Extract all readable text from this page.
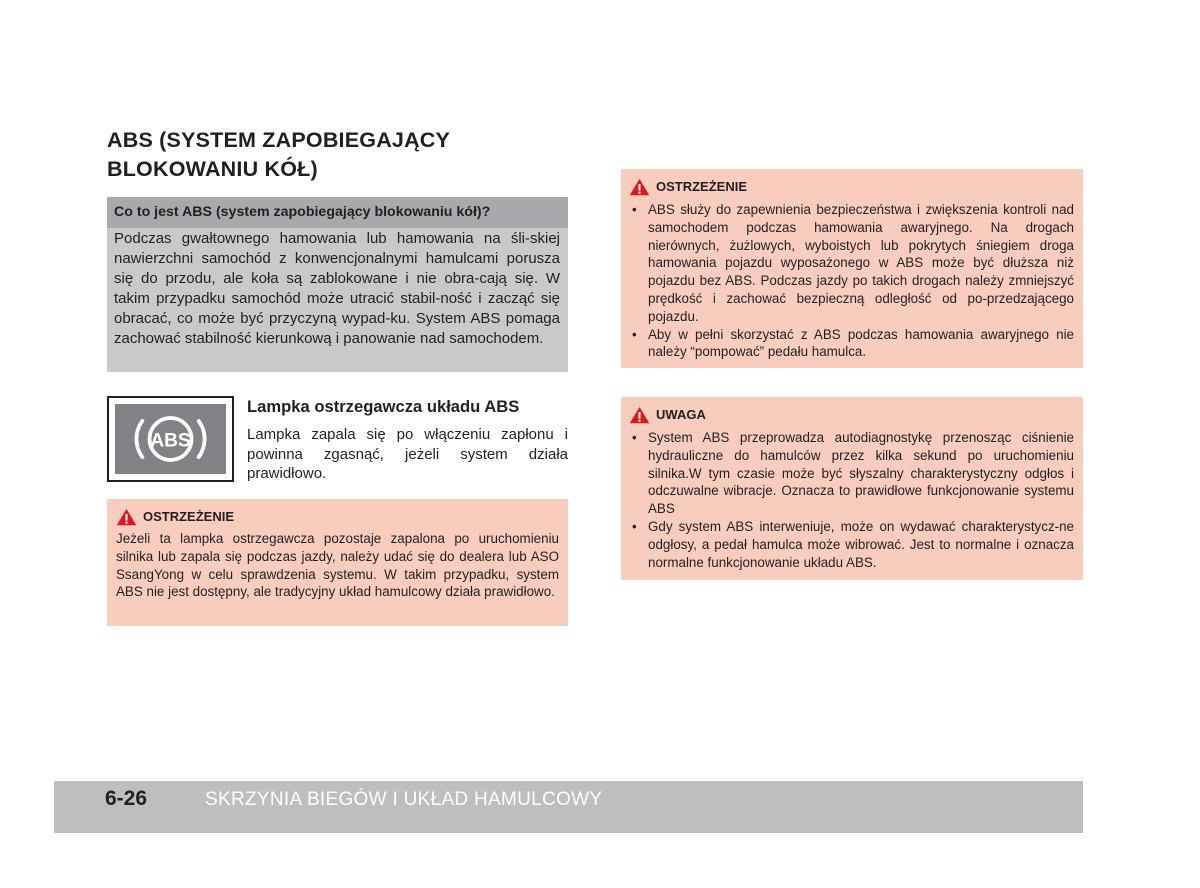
ABS (SYSTEM ZAPOBIEGAJĄCY BLOKOWANIU KÓŁ)
Co to jest ABS (system zapobiegający blokowaniu kół)?

Podczas gwałtownego hamowania lub hamowania na śli-skiej nawierzchni samochód z konwencjonalnymi hamulcami porusza się do przodu, ale koła są zablokowane i nie obra-cają się. W takim przypadku samochód może utracić stabil-ność i zacząć się obracać, co może być przyczyną wypad-ku. System ABS pomaga zachować stabilność kierunkową i panowanie nad samochodem.

ABS
Lampka ostrzegawcza układu ABS

Lampka zapala się po włączeniu zapłonu i powinna zgasnąć, jeżeli system działa prawidłowo.

OSTRZEŻENIE

Jeżeli ta lampka ostrzegawcza pozostaje zapalona po uruchomieniu silnika lub zapala się podczas jazdy, należy udać się do dealera lub ASO SsangYong w celu sprawdzenia systemu. W takim przypadku, system ABS nie jest dostępny, ale tradycyjny układ hamulcowy działa prawidłowo.

OSTRZEŻENIE
• ABS służy do zapewnienia bezpieczeństwa i zwiększenia kontroli nad samochodem podczas hamowania awaryjnego. Na drogach nierównych, żużlowych, wyboistych lub pokrytych śniegiem droga hamowania pojazdu wyposażonego w ABS może być dłuższa niż pojazdu bez ABS. Podczas jazdy po takich drogach należy zmniejszyć prędkość i zachować bezpieczną odległość od po-przedzającego pojazdu.
• Aby w pełni skorzystać z ABS podczas hamowania awaryjnego nie należy “pompować” pedału hamulca.
UWAGA
• System ABS przeprowadza autodiagnostykę przenosząc ciśnienie hydrauliczne do hamulców przez kilka sekund po uruchomieniu silnika.W tym czasie może być słyszalny charakterystyczny odgłos i odczuwalne wibracje. Oznacza to prawidłowe funkcjonowanie systemu ABS
• Gdy system ABS interweniuje, może on wydawać charakterystycz-ne odgłosy, a pedał hamulca może wibrować. Jest to normalne i oznacza normalne funkcjonowanie układu ABS.
6-26	SKRZYNIA BIEGÓW I UKŁAD HAMULCOWY
